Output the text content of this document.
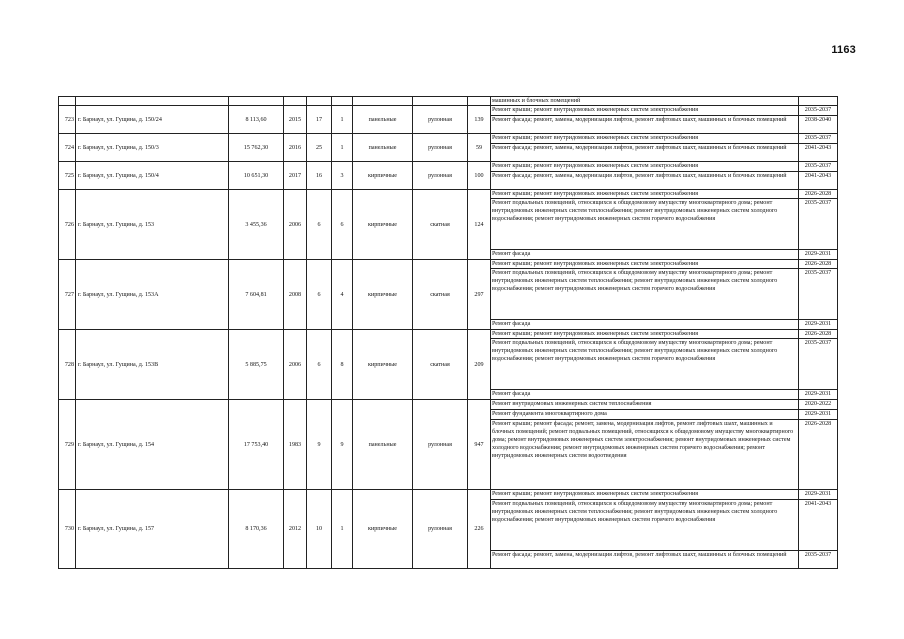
1163
									машинных и блочных помещений	
723	г. Барнаул, ул. Гущина, д. 150/24	8 113,60	2015	17	1	панельные	рулонная	139	Ремонт крыши; ремонт внутридомовых инженерных систем электроснабжения	2035-2037
									Ремонт фасада; ремонт, замена, модернизация лифтов, ремонт лифтовых шахт, машинных и блочных помещений	2038-2040
724	г. Барнаул, ул. Гущина, д. 150/3	15 762,30	2016	25	1	панельные	рулонная	59	Ремонт крыши; ремонт внутридомовых инженерных систем электроснабжения	2035-2037
									Ремонт фасада; ремонт, замена, модернизация лифтов, ремонт лифтовых шахт, машинных и блочных помещений	2041-2043
725	г. Барнаул, ул. Гущина, д. 150/4	10 651,30	2017	16	3	кирпичные	рулонная	100	Ремонт крыши; ремонт внутридомовых инженерных систем электроснабжения	2035-2037
									Ремонт фасада; ремонт, замена, модернизация лифтов, ремонт лифтовых шахт, машинных и блочных помещений	2041-2043
726	г. Барнаул, ул. Гущина, д. 153	3 455,36	2006	6	6	кирпичные	скатная	124	Ремонт крыши; ремонт внутридомовых инженерных систем электроснабжения	2026-2028
									Ремонт подвальных помещений, относящихся к общедомовому имуществу многоквартирного дома; ремонт внутридомовых инженерных систем теплоснабжения; ремонт внутридомовых инженерных систем холодного водоснабжения; ремонт внутридомовых инженерных систем горячего водоснабжения	2035-2037
									Ремонт фасада	2029-2031
727	г. Барнаул, ул. Гущина, д. 153А	7 604,81	2008	6	4	кирпичные	скатная	297	Ремонт крыши; ремонт внутридомовых инженерных систем электроснабжения	2026-2028
									Ремонт подвальных помещений, относящихся к общедомовому имуществу многоквартирного дома; ремонт внутридомовых инженерных систем теплоснабжения; ремонт внутридомовых инженерных систем холодного водоснабжения; ремонт внутридомовых инженерных систем горячего водоснабжения	2035-2037
									Ремонт фасада	2029-2031
728	г. Барнаул, ул. Гущина, д. 153В	5 885,75	2006	6	8	кирпичные	скатная	209	Ремонт крыши; ремонт внутридомовых инженерных систем электроснабжения	2026-2028
									Ремонт подвальных помещений, относящихся к общедомовому имуществу многоквартирного дома; ремонт внутридомовых инженерных систем теплоснабжения; ремонт внутридомовых инженерных систем холодного водоснабжения; ремонт внутридомовых инженерных систем горячего водоснабжения	2035-2037
									Ремонт фасада	2029-2031
729	г. Барнаул, ул. Гущина, д. 154	17 753,40	1983	9	9	панельные	рулонная	947	Ремонт внутридомовых инженерных систем теплоснабжения	2020-2022
									Ремонт фундамента многоквартирного дома	2029-2031
									Ремонт крыши; ремонт фасада; ремонт, замена, модернизация лифтов, ремонт лифтовых шахт, машинных и блочных помещений; ремонт подвальных помещений, относящихся к общедомовому имуществу многоквартирного дома; ремонт внутридомовых инженерных систем электроснабжения; ремонт внутридомовых инженерных систем холодного водоснабжения; ремонт внутридомовых инженерных систем горячего водоснабжения; ремонт внутридомовых инженерных систем водоотведения	2026-2028
730	г. Барнаул, ул. Гущина, д. 157	8 170,36	2012	10	1	кирпичные	рулонная	226	Ремонт крыши; ремонт внутридомовых инженерных систем электроснабжения	2029-2031
									Ремонт подвальных помещений, относящихся к общедомовому имуществу многоквартирного дома; ремонт внутридомовых инженерных систем теплоснабжения; ремонт внутридомовых инженерных систем холодного водоснабжения; ремонт внутридомовых инженерных систем горячего водоснабжения	2041-2043
									Ремонт фасада; ремонт, замена, модернизация лифтов, ремонт лифтовых шахт, машинных и блочных помещений	2035-2037
